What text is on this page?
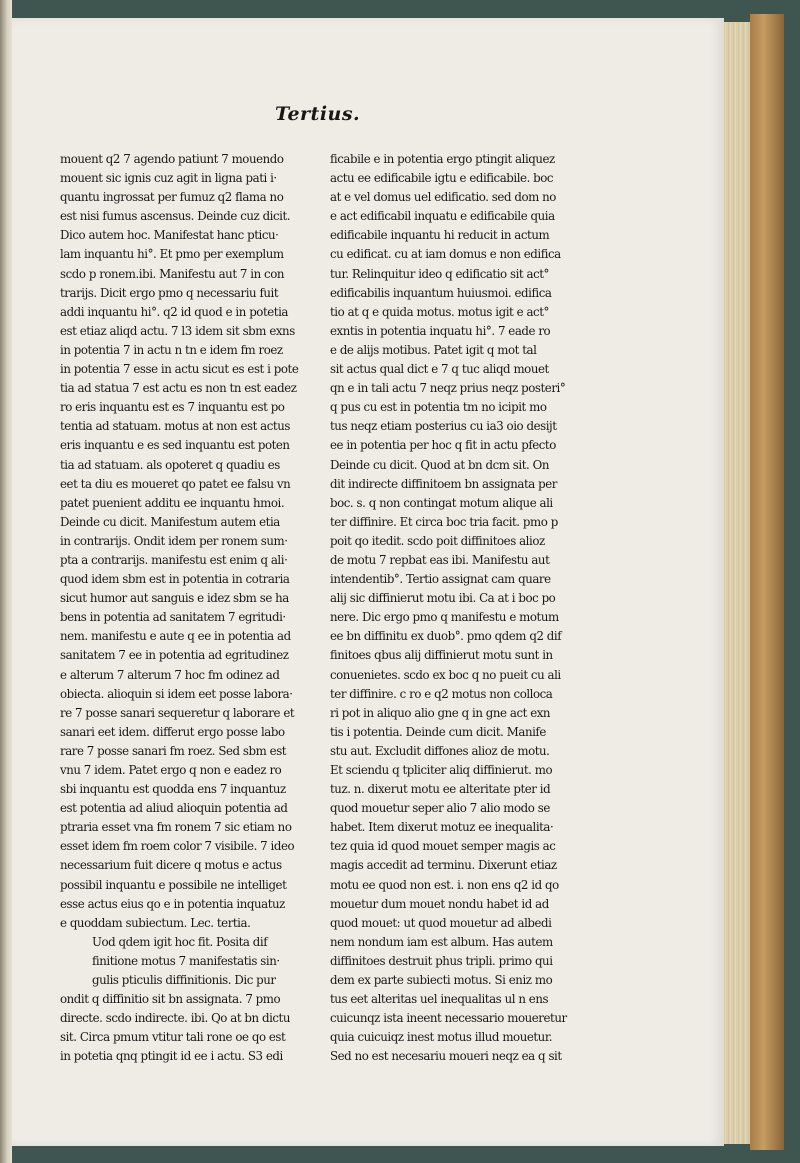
Tertius.
mouent q2 7 agendo patiunt 7 mouendo
mouent sic ignis cuz agit in ligna pati i·
quantu ingrossat per fumuz q2 flama no
est nisi fumus ascensus. Deinde cuz dicit.
Dico autem hoc. Manifestat hanc pticu·
lam inquantu hi°. Et pmo per exemplum
scdo p ronem.ibi. Manifestu aut 7 in con
trarijs. Dicit ergo pmo q necessariu fuit
addi inquantu hi°. q2 id quod e in potetia
est etiaz aliqd actu. 7 l3 idem sit sbm exns
in potentia 7 in actu n tn e idem fm roez
in potentia 7 esse in actu sicut es est i pote
tia ad statua 7 est actu es non tn est eadez
ro eris inquantu est es 7 inquantu est po
tentia ad statuam. motus at non est actus
eris inquantu e es sed inquantu est poten
tia ad statuam. als opoteret q quadiu es
eet ta diu es moueret qo patet ee falsu vn
patet puenient additu ee inquantu hmoi.
Deinde cu dicit. Manifestum autem etia
in contrarijs. Ondit idem per ronem sum·
pta a contrarijs. manifestu est enim q ali·
quod idem sbm est in potentia in cotraria
sicut humor aut sanguis e idez sbm se ha
bens in potentia ad sanitatem 7 egritudi·
nem. manifestu e aute q ee in potentia ad
sanitatem 7 ee in potentia ad egritudinez
e alterum 7 alterum 7 hoc fm odinez ad
obiecta. alioquin si idem eet posse labora·
re 7 posse sanari sequeretur q laborare et
sanari eet idem. differut ergo posse labo
rare 7 posse sanari fm roez. Sed sbm est
vnu 7 idem. Patet ergo q non e eadez ro
sbi inquantu est quodda ens 7 inquantuz
est potentia ad aliud alioquin potentia ad
ptraria esset vna fm ronem 7 sic etiam no
esset idem fm roem color 7 visibile. 7 ideo
necessarium fuit dicere q motus e actus
possibil inquantu e possibile ne intelliget
esse actus eius qo e in potentia inquatuz
e quoddam subiectum. Lec. tertia.
Uod qdem igit hoc fit. Posita dif
finitione motus 7 manifestatis sin·
gulis pticulis diffinitionis. Dic pur
ondit q diffinitio sit bn assignata. 7 pmo
directe. scdo indirecte. ibi. Qo at bn dictu
sit. Circa pmum vtitur tali rone oe qo est
in potetia qnq ptingit id ee i actu. S3 edi
ficabile e in potentia ergo ptingit aliquez
actu ee edificabile igtu e edificabile. boc
at e vel domus uel edificatio. sed dom no
e act edificabil inquatu e edificabile quia
edificabile inquantu hi reducit in actum
cu edificat. cu at iam domus e non edifica
tur. Relinquitur ideo q edificatio sit act°
edificabilis inquantum huiusmoi. edifica
tio at q e quida motus. motus igit e act°
exntis in potentia inquatu hi°. 7 eade ro
e de alijs motibus. Patet igit q mot tal
sit actus qual dict e 7 q tuc aliqd mouet
qn e in tali actu 7 neqz prius neqz posteri°
q pus cu est in potentia tm no icipit mo
tus neqz etiam posterius cu ia3 oio desijt
ee in potentia per hoc q fit in actu pfecto
Deinde cu dicit. Quod at bn dcm sit. On
dit indirecte diffinitoem bn assignata per
boc. s. q non contingat motum alique ali
ter diffinire. Et circa boc tria facit. pmo p
poit qo itedit. scdo poit diffinitoes alioz
de motu 7 repbat eas ibi. Manifestu aut
intendentib°. Tertio assignat cam quare
alij sic diffinierut motu ibi. Ca at i boc po
nere. Dic ergo pmo q manifestu e motum
ee bn diffinitu ex duob°. pmo qdem q2 dif
finitoes qbus alij diffinierut motu sunt in
conuenietes. scdo ex boc q no pueit cu ali
ter diffinire. c ro e q2 motus non colloca
ri pot in aliquo alio gne q in gne act exn
tis i potentia. Deinde cum dicit. Manife
stu aut. Excludit diffones alioz de motu.
Et sciendu q tpliciter aliq diffinierut. mo
tuz. n. dixerut motu ee alteritate pter id
quod mouetur seper alio 7 alio modo se
habet. Item dixerut motuz ee inequalita·
tez quia id quod mouet semper magis ac
magis accedit ad terminu. Dixerunt etiaz
motu ee quod non est. i. non ens q2 id qo
mouetur dum mouet nondu habet id ad
quod mouet: ut quod mouetur ad albedi
nem nondum iam est album. Has autem
diffinitoes destruit phus tripli. primo qui
dem ex parte subiecti motus. Si eniz mo
tus eet alteritas uel inequalitas ul n ens
cuicunqz ista ineent necessario moueretur
quia cuicuiqz inest motus illud mouetur.
Sed no est necesariu moueri neqz ea q sit
